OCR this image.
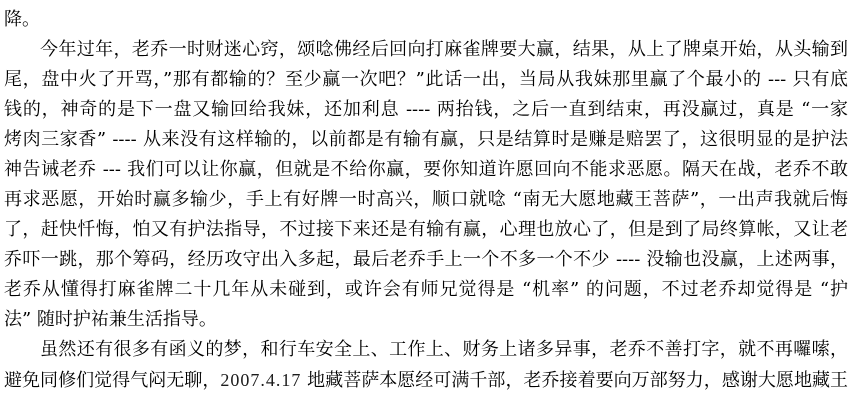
降。
今年过年，老乔一时财迷心窍，颂唸佛经后回向打麻雀牌要大赢，结果，从上了牌桌开始，从头输到
尾，盘中火了开骂，”那有都输的？至少赢一次吧？”此话一出，当局从我妹那里赢了个最小的 --- 只有底
钱的，神奇的是下一盘又输回给我妹，还加利息 ---- 两抬钱，之后一直到结束，再没赢过，真是 “一家
烤肉三家香” ---- 从来没有这样输的，以前都是有输有赢，只是结算时是赚是赔罢了，这很明显的是护法
神告诫老乔 --- 我们可以让你赢，但就是不给你赢，要你知道许愿回向不能求恶愿。隔天在战，老乔不敢
再求恶愿，开始时赢多输少，手上有好牌一时高兴，顺口就唸 “南无大愿地藏王菩萨”，一出声我就后悔
了，赶快忏悔，怕又有护法指导，不过接下来还是有输有赢，心理也放心了，但是到了局终算帐，又让老
乔吓一跳，那个筹码，经历攻守出入多起，最后老乔手上一个不多一个不少 ---- 没输也没赢，上述两事，
老乔从懂得打麻雀牌二十几年从未碰到，或许会有师兄觉得是 “机率” 的问题，不过老乔却觉得是 “护
法” 随时护祐兼生活指导。
虽然还有很多有函义的梦，和行车安全上、工作上、财务上诸多异事，老乔不善打字，就不再囉嗦，
避免同修们觉得气闷无聊，2007.4.17 地藏菩萨本愿经可满千部，老乔接着要向万部努力，感谢大愿地藏王
